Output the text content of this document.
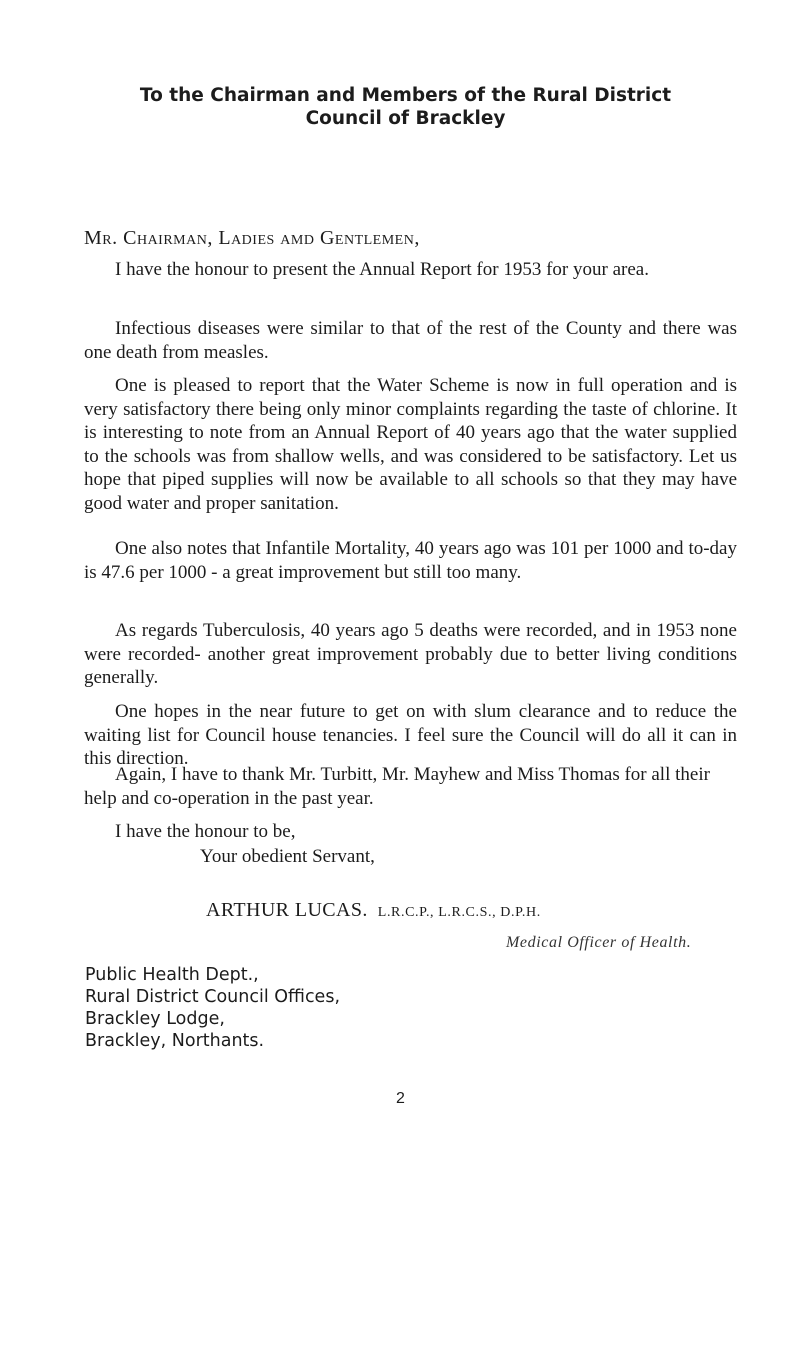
To the Chairman and Members of the Rural District
Council of Brackley
Mr. Chairman, Ladies amd Gentlemen,
I have the honour to present the Annual Report for 1953 for your area.
Infectious diseases were similar to that of the rest of the County and there was one death from measles.
One is pleased to report that the Water Scheme is now in full operation and is very satisfactory there being only minor complaints regarding the taste of chlorine. It is interesting to note from an Annual Report of 40 years ago that the water supplied to the schools was from shallow wells, and was considered to be satisfactory. Let us hope that piped supplies will now be available to all schools so that they may have good water and proper sanitation.
One also notes that Infantile Mortality, 40 years ago was 101 per 1000 and to-day is 47.6 per 1000 - a great improvement but still too many.
As regards Tuberculosis, 40 years ago 5 deaths were recorded, and in 1953 none were recorded- another great improvement probably due to better living conditions generally.
One hopes in the near future to get on with slum clearance and to reduce the waiting list for Council house tenancies. I feel sure the Council will do all it can in this direction.
Again, I have to thank Mr. Turbitt, Mr. Mayhew and Miss Thomas for all their help and co-operation in the past year.
I have the honour to be,
Your obedient Servant,
ARTHUR LUCAS. L.R.C.P., L.R.C.S., D.P.H.
Medical Officer of Health.
Public Health Dept.,
Rural District Council Offices,
Brackley Lodge,
Brackley, Northants.
2
